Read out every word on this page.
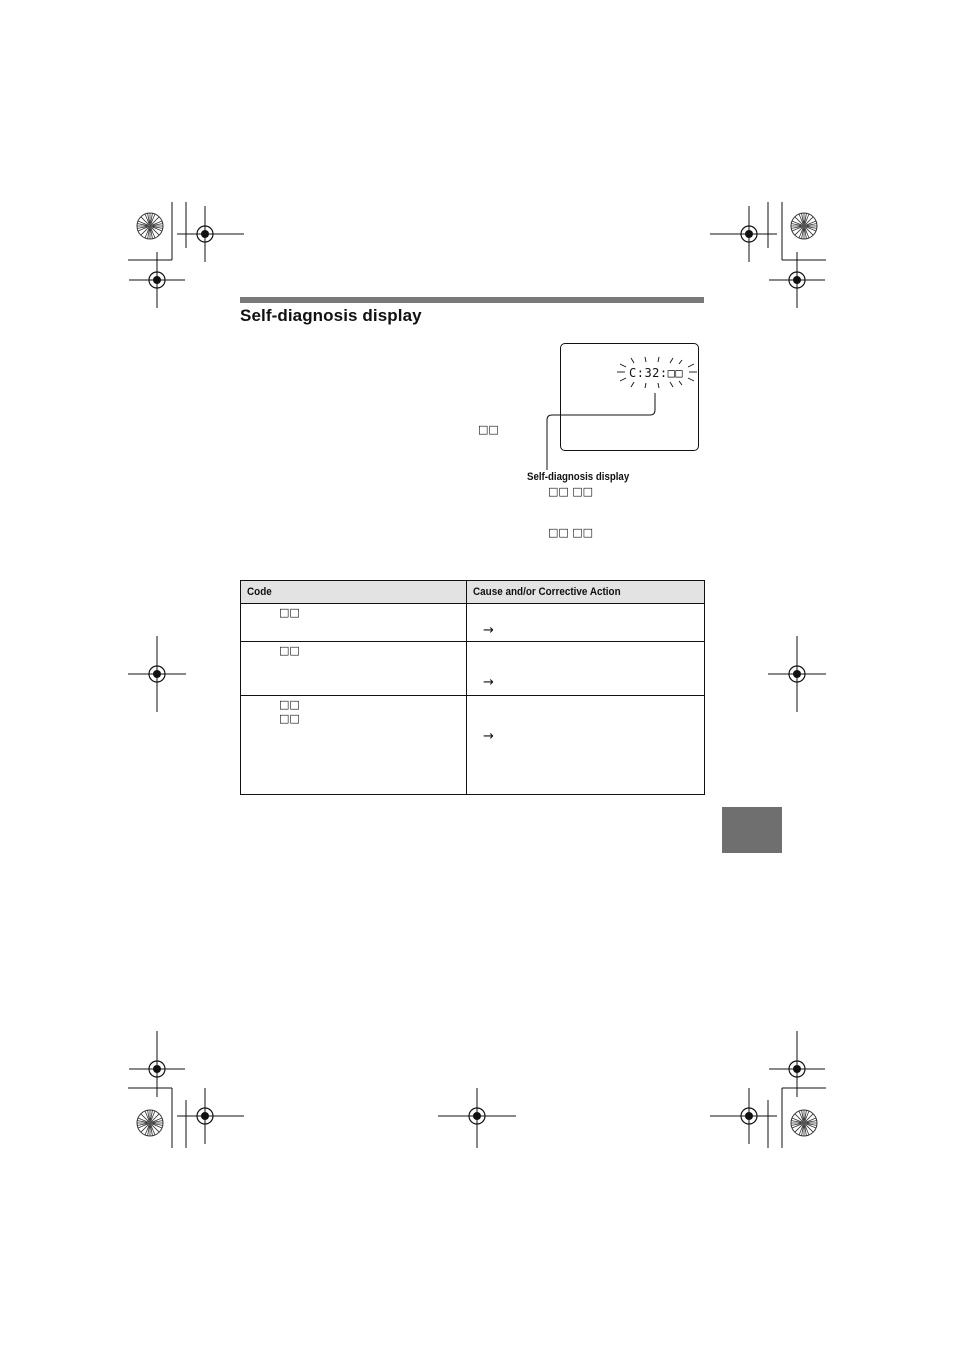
Self-diagnosis display
C:32:□□
□□
Self-diagnosis display
□□ □□
□□ □□
Code	Cause and/or Corrective Action

□□	→

□□	→

□□
□□	→
